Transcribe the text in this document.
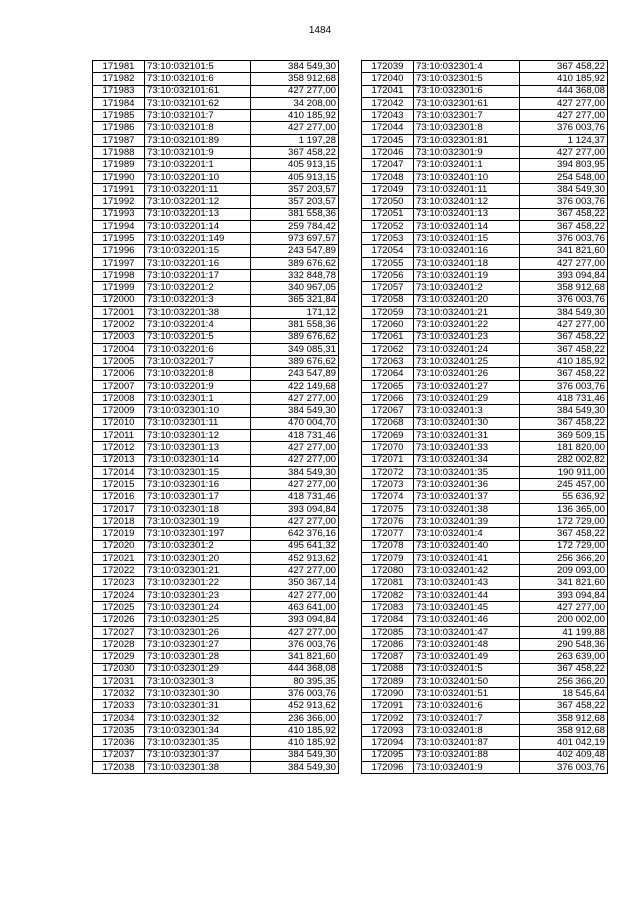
1484
171981	73:10:032101:5	384 549,30
171982	73:10:032101:6	358 912,68
171983	73:10:032101:61	427 277,00
171984	73:10:032101:62	34 208,00
171985	73:10:032101:7	410 185,92
171986	73:10:032101:8	427 277,00
171987	73:10:032101:89	1 197,28
171988	73:10:032101:9	367 458,22
171989	73:10:032201:1	405 913,15
171990	73:10:032201:10	405 913,15
171991	73:10:032201:11	357 203,57
171992	73:10:032201:12	357 203,57
171993	73:10:032201:13	381 558,36
171994	73:10:032201:14	259 784,42
171995	73:10:032201:149	973 697,57
171996	73:10:032201:15	243 547,89
171997	73:10:032201:16	389 676,62
171998	73:10:032201:17	332 848,78
171999	73:10:032201:2	340 967,05
172000	73:10:032201:3	365 321,84
172001	73:10:032201:38	171,12
172002	73:10:032201:4	381 558,36
172003	73:10:032201:5	389 676,62
172004	73:10:032201:6	349 085,31
172005	73:10:032201:7	389 676,62
172006	73:10:032201:8	243 547,89
172007	73:10:032201:9	422 149,68
172008	73:10:032301:1	427 277,00
172009	73:10:032301:10	384 549,30
172010	73:10:032301:11	470 004,70
172011	73:10:032301:12	418 731,46
172012	73:10:032301:13	427 277,00
172013	73:10:032301:14	427 277,00
172014	73:10:032301:15	384 549,30
172015	73:10:032301:16	427 277,00
172016	73:10:032301:17	418 731,46
172017	73:10:032301:18	393 094,84
172018	73:10:032301:19	427 277,00
172019	73:10:032301:197	642 376,16
172020	73:10:032301:2	495 641,32
172021	73:10:032301:20	452 913,62
172022	73:10:032301:21	427 277,00
172023	73:10:032301:22	350 367,14
172024	73:10:032301:23	427 277,00
172025	73:10:032301:24	463 641,00
172026	73:10:032301:25	393 094,84
172027	73:10:032301:26	427 277,00
172028	73:10:032301:27	376 003,76
172029	73:10:032301:28	341 821,60
172030	73:10:032301:29	444 368,08
172031	73:10:032301:3	80 395,35
172032	73:10:032301:30	376 003,76
172033	73:10:032301:31	452 913,62
172034	73:10:032301:32	236 366,00
172035	73:10:032301:34	410 185,92
172036	73:10:032301:35	410 185,92
172037	73:10:032301:37	384 549,30
172038	73:10:032301:38	384 549,30
172039	73:10:032301:4	367 458,22
172040	73:10:032301:5	410 185,92
172041	73:10:032301:6	444 368,08
172042	73:10:032301:61	427 277,00
172043	73:10:032301:7	427 277,00
172044	73:10:032301:8	376 003,76
172045	73:10:032301:81	1 124,37
172046	73:10:032301:9	427 277,00
172047	73:10:032401:1	394 803,95
172048	73:10:032401:10	254 548,00
172049	73:10:032401:11	384 549,30
172050	73:10:032401:12	376 003,76
172051	73:10:032401:13	367 458,22
172052	73:10:032401:14	367 458,22
172053	73:10:032401:15	376 003,76
172054	73:10:032401:16	341 821,60
172055	73:10:032401:18	427 277,00
172056	73:10:032401:19	393 094,84
172057	73:10:032401:2	358 912,68
172058	73:10:032401:20	376 003,76
172059	73:10:032401:21	384 549,30
172060	73:10:032401:22	427 277,00
172061	73:10:032401:23	367 458,22
172062	73:10:032401:24	367 458,22
172063	73:10:032401:25	410 185,92
172064	73:10:032401:26	367 458,22
172065	73:10:032401:27	376 003,76
172066	73:10:032401:29	418 731,46
172067	73:10:032401:3	384 549,30
172068	73:10:032401:30	367 458,22
172069	73:10:032401:31	369 509,15
172070	73:10:032401:33	181 820,00
172071	73:10:032401:34	282 002,82
172072	73:10:032401:35	190 911,00
172073	73:10:032401:36	245 457,00
172074	73:10:032401:37	55 636,92
172075	73:10:032401:38	136 365,00
172076	73:10:032401:39	172 729,00
172077	73:10:032401:4	367 458,22
172078	73:10:032401:40	172 729,00
172079	73:10:032401:41	256 366,20
172080	73:10:032401:42	209 093,00
172081	73:10:032401:43	341 821,60
172082	73:10:032401:44	393 094,84
172083	73:10:032401:45	427 277,00
172084	73:10:032401:46	200 002,00
172085	73:10:032401:47	41 199,88
172086	73:10:032401:48	290 548,36
172087	73:10:032401:49	263 639,00
172088	73:10:032401:5	367 458,22
172089	73:10:032401:50	256 366,20
172090	73:10:032401:51	18 545,64
172091	73:10:032401:6	367 458,22
172092	73:10:032401:7	358 912,68
172093	73:10:032401:8	358 912,68
172094	73:10:032401:87	401 042,19
172095	73:10:032401:88	402 409,48
172096	73:10:032401:9	376 003,76
